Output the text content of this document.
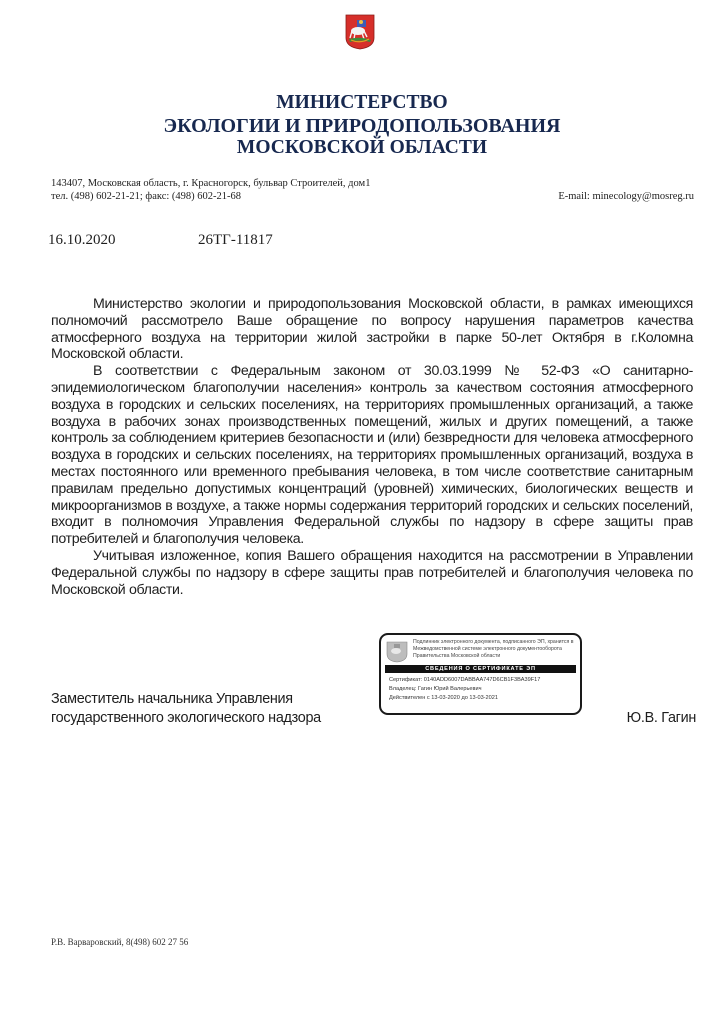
МИНИСТЕРСТВО
ЭКОЛОГИИ И ПРИРОДОПОЛЬЗОВАНИЯ
МОСКОВСКОЙ ОБЛАСТИ
143407, Московская область, г. Красногорск, бульвар Строителей, дом1
тел. (498) 602-21-21; факс: (498) 602-21-68	E-mail: minecology@mosreg.ru
16.10.2020	26ТГ-11817

Министерство экологии и природопользования Московской области, в рамках имеющихся полномочий рассмотрело Ваше обращение по вопросу нарушения параметров качества атмосферного воздуха на территории жилой застройки в парке 50-лет Октября в г.Коломна Московской области.

В соответствии с Федеральным законом от 30.03.1999 № 52-ФЗ «О санитарно-эпидемиологическом благополучии населения» контроль за качеством состояния атмосферного воздуха в городских и сельских поселениях, на территориях промышленных организаций, а также воздуха в рабочих зонах производственных помещений, жилых и других помещений, а также контроль за соблюдением критериев безопасности и (или) безвредности для человека атмосферного воздуха в городских и сельских поселениях, на территориях промышленных организаций, воздуха в местах постоянного или временного пребывания человека, в том числе соответствие санитарным правилам предельно допустимых концентраций (уровней) химических, биологических веществ и микроорганизмов в воздухе, а также нормы содержания территорий городских и сельских поселений, входит в полномочия Управления Федеральной службы по надзору в сфере защиты прав потребителей и благополучия человека.

Учитывая изложенное, копия Вашего обращения находится на рассмотрении в Управлении Федеральной службы по надзору в сфере защиты прав потребителей и благополучия человека по Московской области.

Подлинник электронного документа, подписанного ЭП, хранится в Межведомственной системе электронного документооборота Правительства Московской области
СВЕДЕНИЯ О СЕРТИФИКАТЕ ЭП
Сертификат: 0140ADD6007DABBAA747D6CB1F3BA39F17
Владелец: Гагин Юрий Валерьевич
Действителен с 13-03-2020 до 13-03-2021
Заместитель начальника Управления
государственного экологического надзора	Ю.В. Гагин
Р.В. Варваровский, 8(498) 602 27 56
